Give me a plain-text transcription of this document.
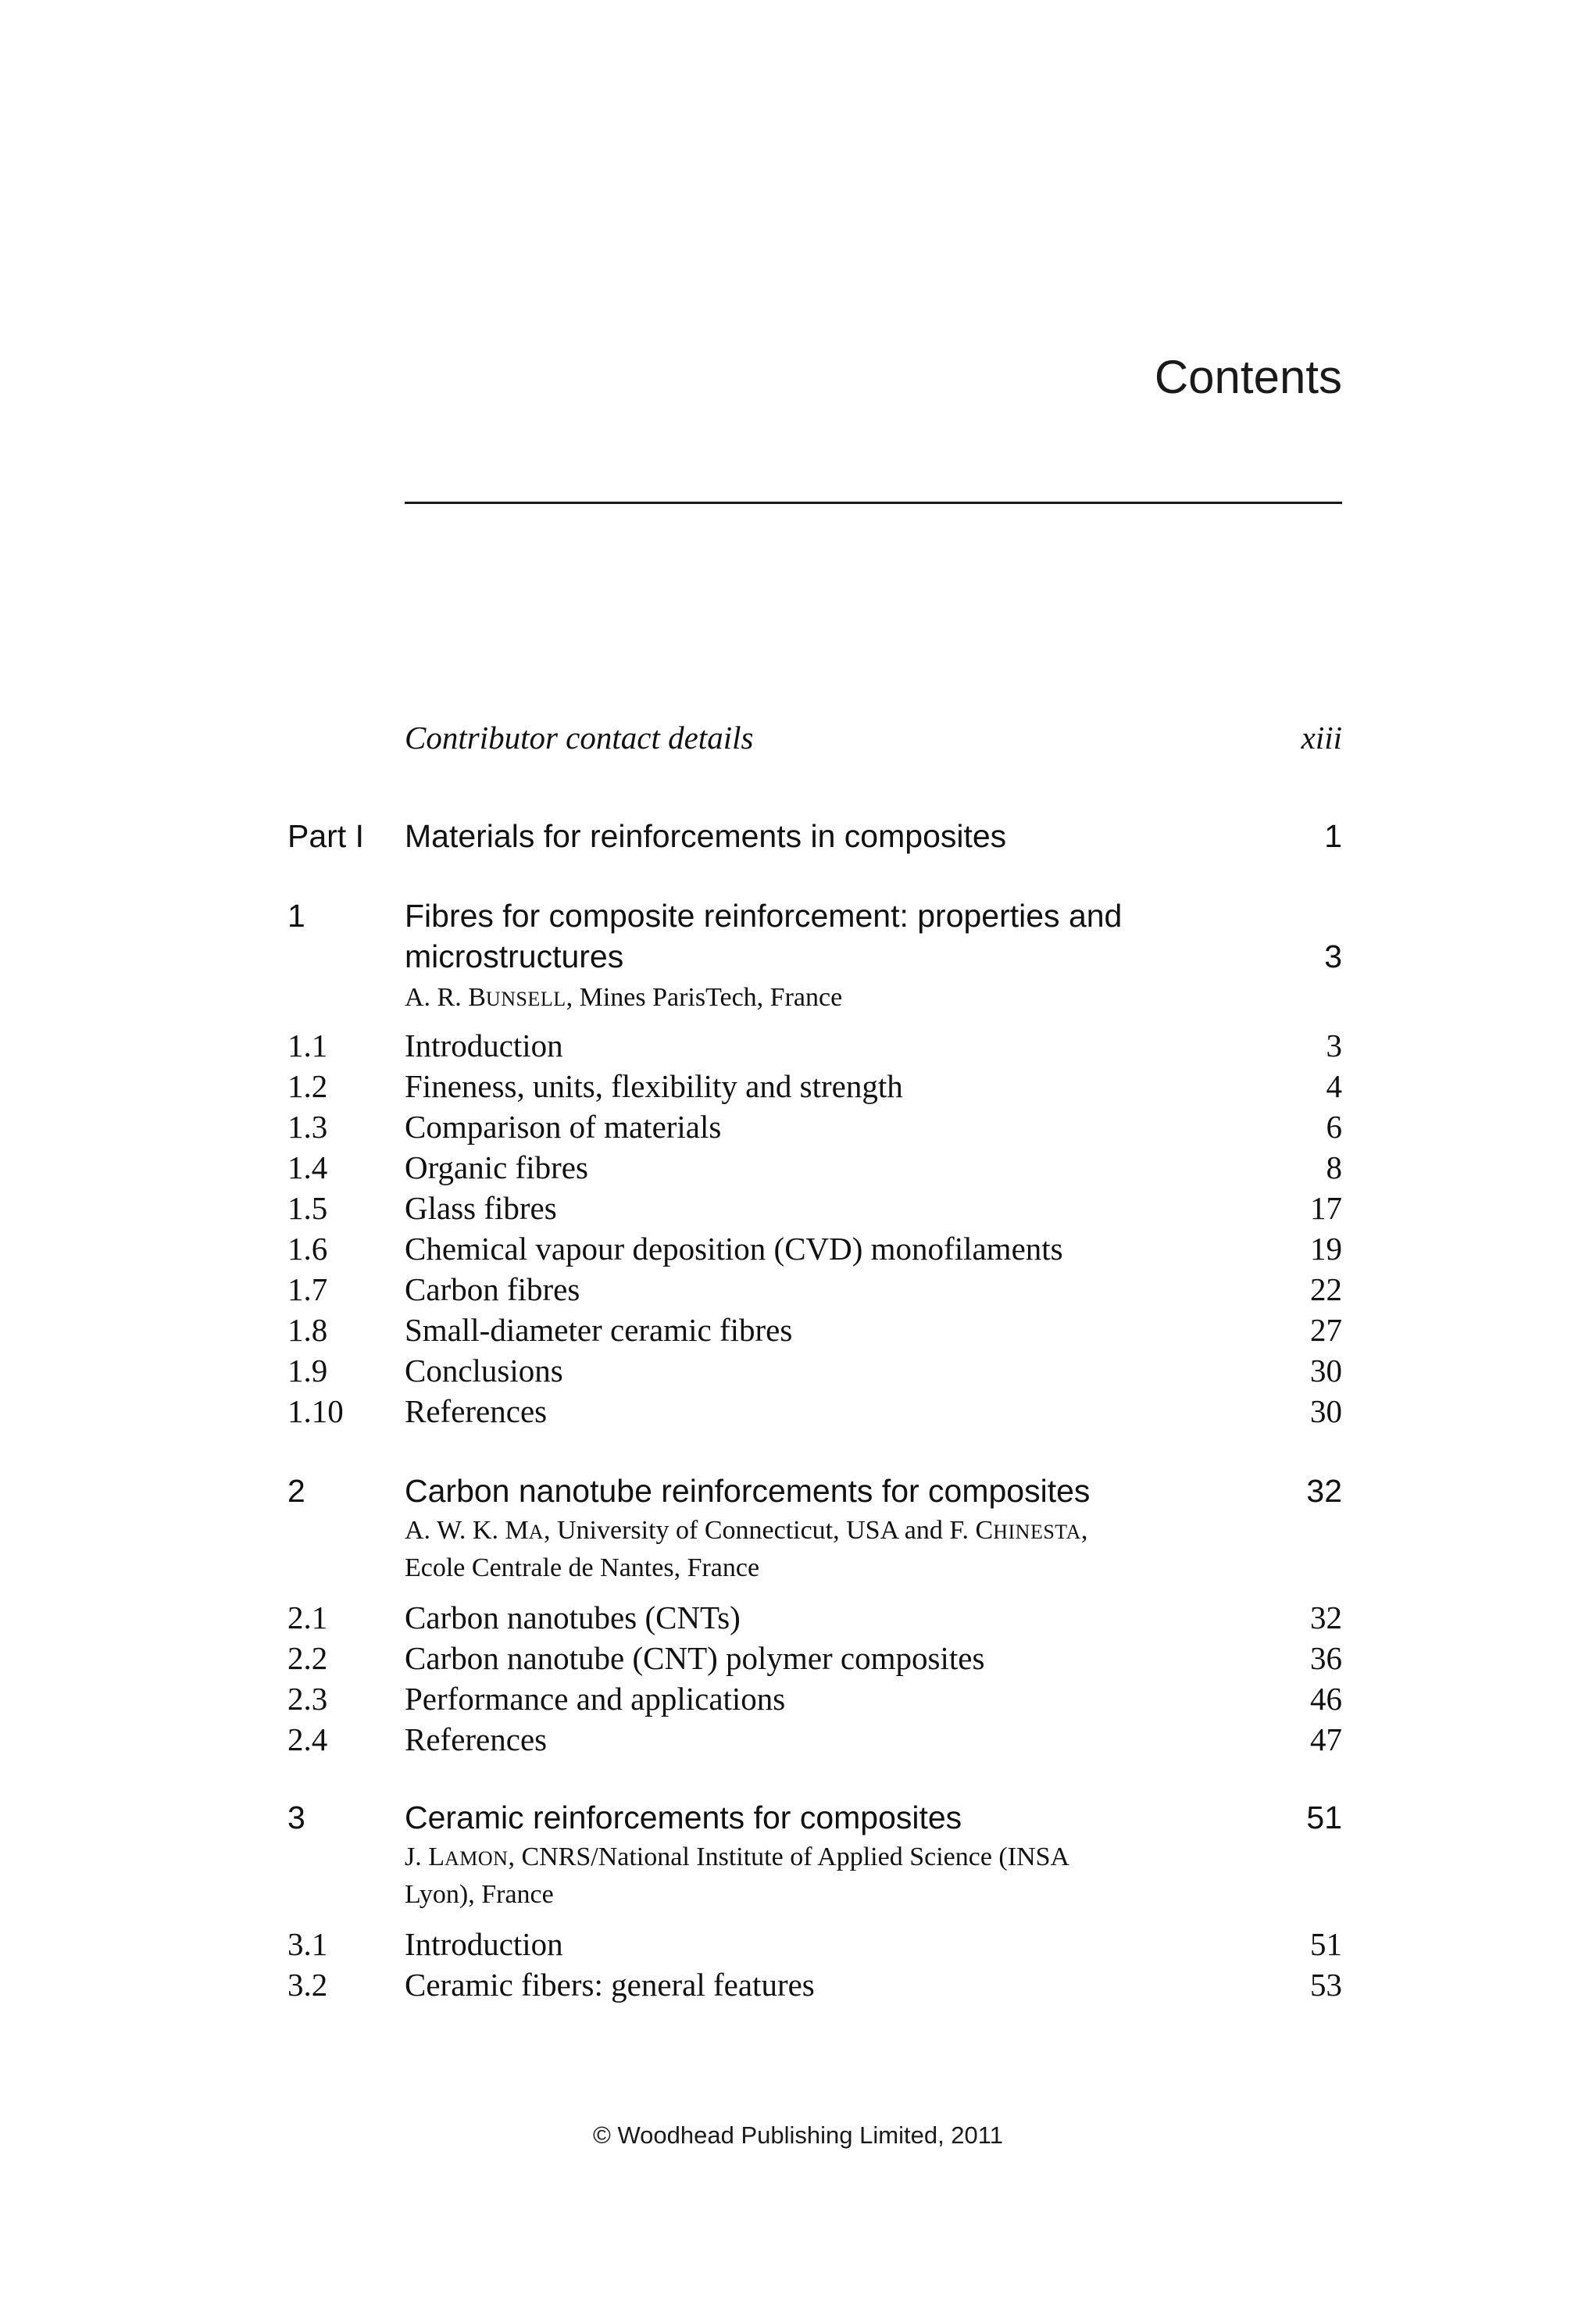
Contents
Contributor contact details	xiii
Part I Materials for reinforcements in composites	1
1	Fibres for composite reinforcement: properties and
microstructures	3
A. R. BUNSELL, Mines ParisTech, France
1.1 Introduction	3
1.2 Fineness, units, flexibility and strength	4
1.3 Comparison of materials	6
1.4 Organic fibres	8
1.5 Glass fibres	17
1.6 Chemical vapour deposition (CVD) monofilaments	19
1.7 Carbon fibres	22
1.8 Small-diameter ceramic fibres	27
1.9 Conclusions	30
1.10 References	30
2	Carbon nanotube reinforcements for composites	32
A. W. K. MA, University of Connecticut, USA and F. CHINESTA,
Ecole Centrale de Nantes, France
2.1 Carbon nanotubes (CNTs)	32
2.2 Carbon nanotube (CNT) polymer composites	36
2.3 Performance and applications	46
2.4 References	47
3	Ceramic reinforcements for composites	51
J. LAMON, CNRS/National Institute of Applied Science (INSA
Lyon), France
3.1 Introduction	51
3.2 Ceramic fibers: general features	53
© Woodhead Publishing Limited, 2011
